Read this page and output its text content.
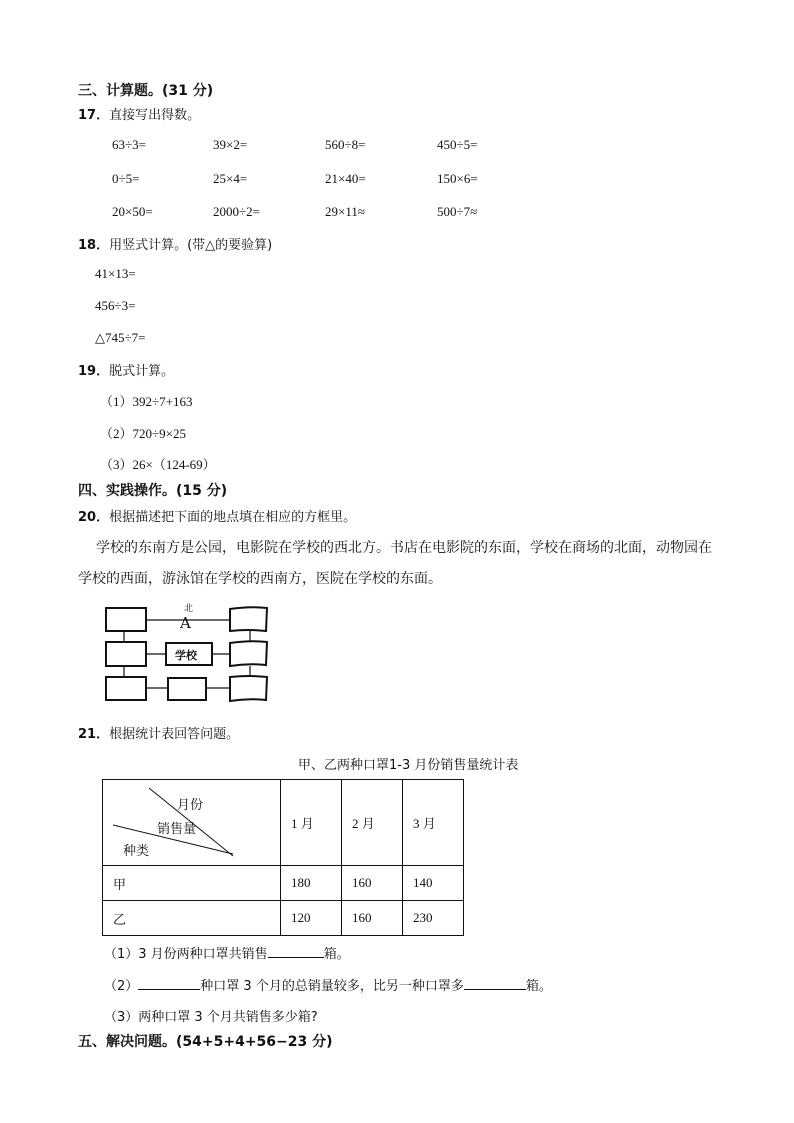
三、计算题。(31 分)
17．直接写出得数。
63÷3=	39×2=	560÷8=	450÷5=
0÷5=	25×4=	21×40=	150×6=
20×50=	2000÷2=	29×11≈	500÷7≈
18．用竖式计算。(带△的要验算)
41×13=
456÷3=
△745÷7=
19．脱式计算。
（1）392÷7+163
（2）720÷9×25
（3）26×（124-69）
四、实践操作。(15 分)
20．根据描述把下面的地点填在相应的方框里。
学校的东南方是公园，电影院在学校的西北方。书店在电影院的东面，学校在商场的北面，动物园在
学校的西面，游泳馆在学校的西南方，医院在学校的东面。
北
A
学校
21．根据统计表回答问题。
甲、乙两种口罩1-3 月份销售量统计表
月份
销售量
种类	1 月	2 月	3 月
甲	180	160	140
乙	120	160	230
（1）3 月份两种口罩共销售	箱。
（2）	种口罩 3 个月的总销量较多，比另一种口罩多	箱。
（3）两种口罩 3 个月共销售多少箱?
五、解决问题。(54+5+4+56−23 分)
